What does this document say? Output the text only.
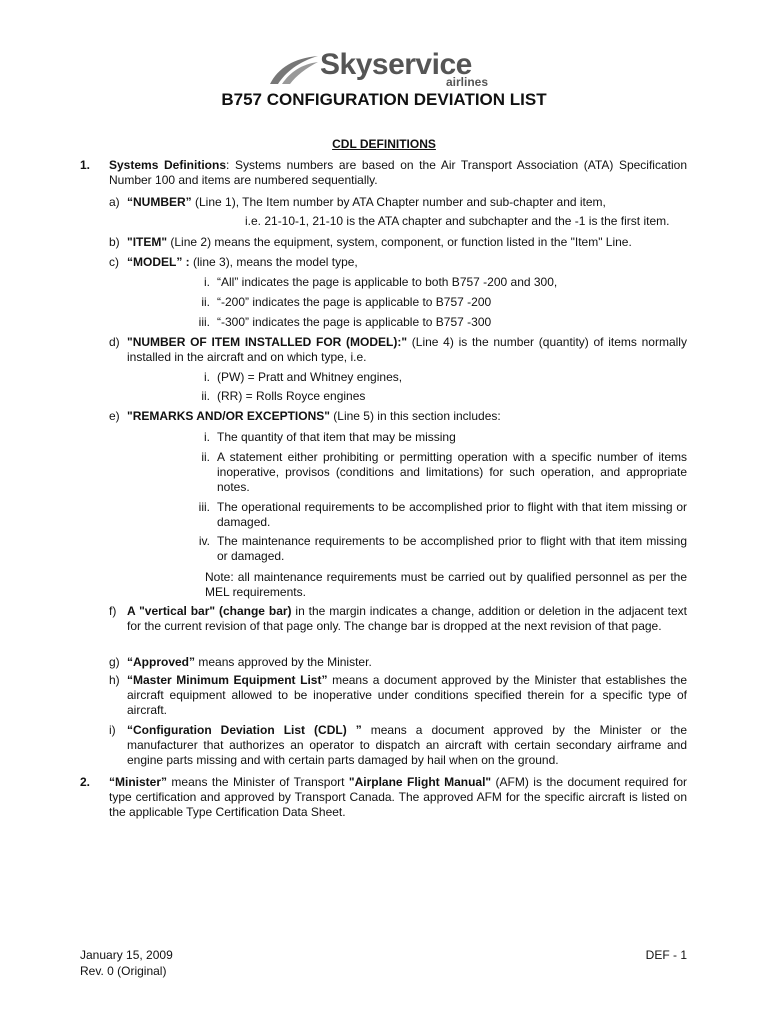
Skyservice
airlines
B757 CONFIGURATION DEVIATION LIST
CDL DEFINITIONS
1. Systems Definitions: Systems numbers are based on the Air Transport Association (ATA) Specification Number 100 and items are numbered sequentially.
a) “NUMBER” (Line 1), The Item number by ATA Chapter number and sub-chapter and item,
i.e. 21-10-1, 21-10 is the ATA chapter and subchapter and the -1 is the first item.
b) "ITEM" (Line 2) means the equipment, system, component, or function listed in the "Item" Line.
c) “MODEL” : (line 3), means the model type,
i. “All” indicates the page is applicable to both B757 -200 and 300,
ii. “-200” indicates the page is applicable to B757 -200
iii. “-300” indicates the page is applicable to B757 -300
d) "NUMBER OF ITEM INSTALLED FOR (MODEL):" (Line 4) is the number (quantity) of items normally installed in the aircraft and on which type, i.e.
i. (PW) = Pratt and Whitney engines,
ii. (RR) = Rolls Royce engines
e) "REMARKS AND/OR EXCEPTIONS" (Line 5) in this section includes:
i. The quantity of that item that may be missing
ii. A statement either prohibiting or permitting operation with a specific number of items inoperative, provisos (conditions and limitations) for such operation, and appropriate notes.
iii. The operational requirements to be accomplished prior to flight with that item missing or damaged.
iv. The maintenance requirements to be accomplished prior to flight with that item missing or damaged.
Note: all maintenance requirements must be carried out by qualified personnel as per the MEL requirements.
f) A "vertical bar" (change bar) in the margin indicates a change, addition or deletion in the adjacent text for the current revision of that page only. The change bar is dropped at the next revision of that page.
g) “Approved” means approved by the Minister.
h) “Master Minimum Equipment List” means a document approved by the Minister that establishes the aircraft equipment allowed to be inoperative under conditions specified therein for a specific type of aircraft.
i) “Configuration Deviation List (CDL) ” means a document approved by the Minister or the manufacturer that authorizes an operator to dispatch an aircraft with certain secondary airframe and engine parts missing and with certain parts damaged by hail when on the ground.
2. “Minister” means the Minister of Transport "Airplane Flight Manual" (AFM) is the document required for type certification and approved by Transport Canada. The approved AFM for the specific aircraft is listed on the applicable Type Certification Data Sheet.
January 15, 2009
Rev. 0 (Original)
DEF - 1
